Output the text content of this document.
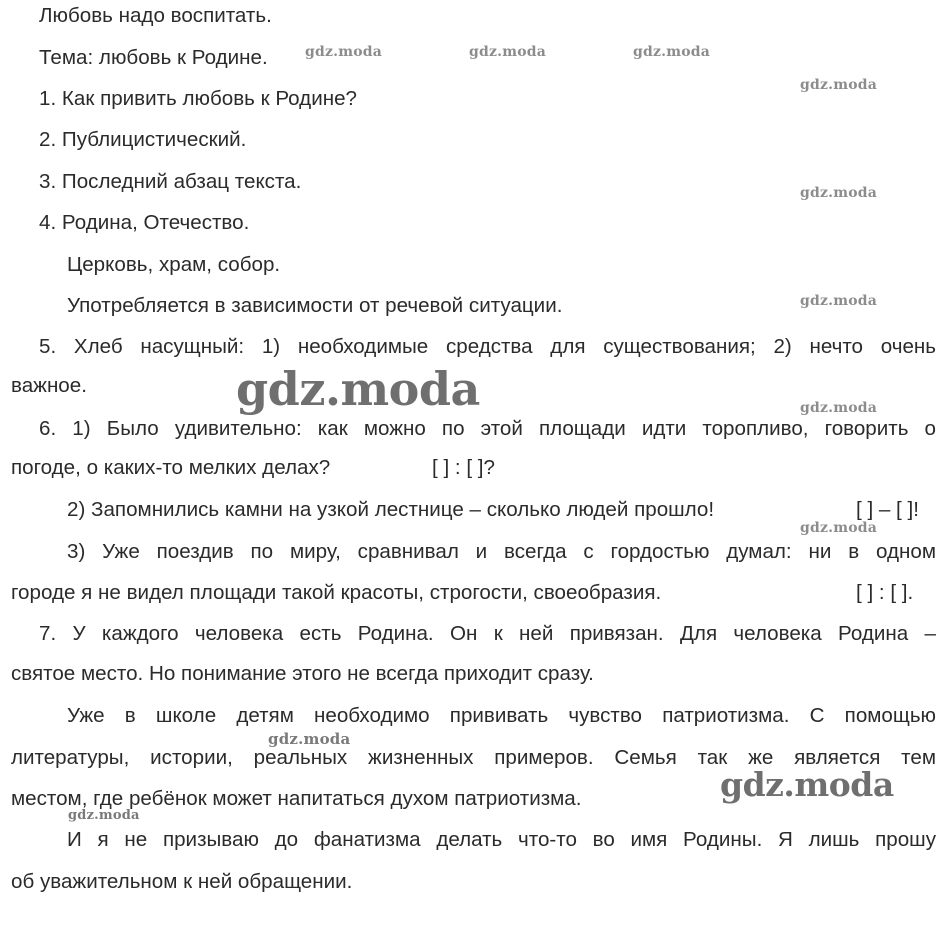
Любовь надо воспитать.
Тема: любовь к Родине.
1. Как привить любовь к Родине?
2. Публицистический.
3. Последний абзац текста.
4. Родина, Отечество.
Церковь, храм, собор.
Употребляется в зависимости от речевой ситуации.
5. Хлеб насущный: 1) необходимые средства для существования; 2) нечто очень
важное.
6. 1) Было удивительно: как можно по этой площади идти торопливо, говорить о
погоде, о каких-то мелких делах?	[ ] : [ ]?
2) Запомнились камни на узкой лестнице – сколько людей прошло!	[ ] – [ ]!
3) Уже поездив по миру, сравнивал и всегда с гордостью думал: ни в одном
городе я не видел площади такой красоты, строгости, своеобразия.	[ ] : [ ].
7. У каждого человека есть Родина. Он к ней привязан. Для человека Родина –
святое место. Но понимание этого не всегда приходит сразу.
Уже в школе детям необходимо прививать чувство патриотизма. С помощью
литературы, истории, реальных жизненных примеров. Семья так же является тем
местом, где ребёнок может напитаться духом патриотизма.
И я не призываю до фанатизма делать что-то во имя Родины. Я лишь прошу
об уважительном к ней обращении.
gdz.moda	gdz.moda	gdz.moda
gdz.moda
gdz.moda
gdz.moda
gdz.moda
gdz.moda
gdz.moda
gdz.moda
gdz.moda
gdz.moda
